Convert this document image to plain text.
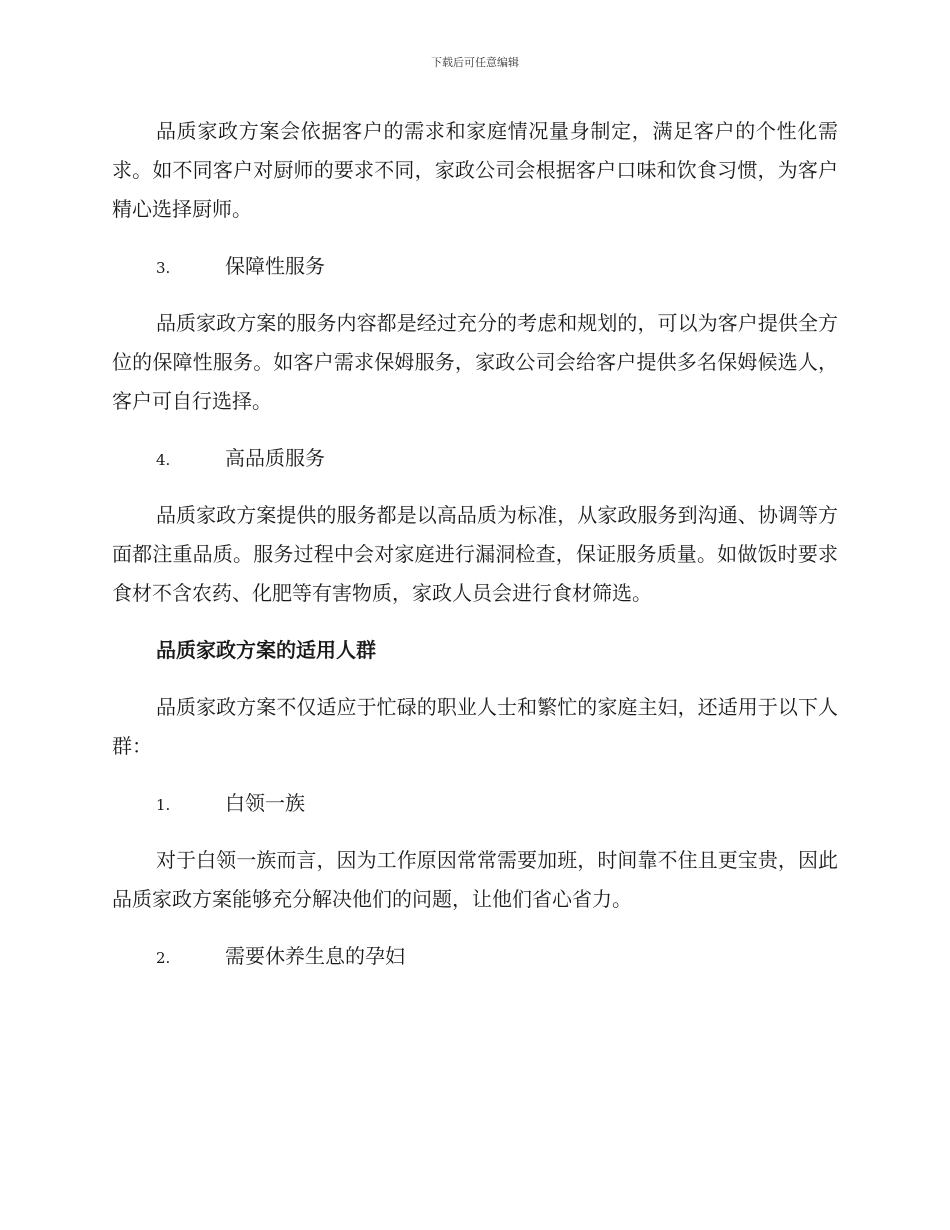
下载后可任意编辑

品质家政方案会依据客户的需求和家庭情况量身制定，满足客户的个性化需求。如不同客户对厨师的要求不同，家政公司会根据客户口味和饮食习惯，为客户精心选择厨师。

3.	保障性服务

品质家政方案的服务内容都是经过充分的考虑和规划的，可以为客户提供全方位的保障性服务。如客户需求保姆服务，家政公司会给客户提供多名保姆候选人，客户可自行选择。

4.	高品质服务

品质家政方案提供的服务都是以高品质为标准，从家政服务到沟通、协调等方面都注重品质。服务过程中会对家庭进行漏洞检查，保证服务质量。如做饭时要求食材不含农药、化肥等有害物质，家政人员会进行食材筛选。

品质家政方案的适用人群

品质家政方案不仅适应于忙碌的职业人士和繁忙的家庭主妇，还适用于以下人群：

1.	白领一族

对于白领一族而言，因为工作原因常常需要加班，时间靠不住且更宝贵，因此品质家政方案能够充分解决他们的问题，让他们省心省力。

2.	需要休养生息的孕妇
